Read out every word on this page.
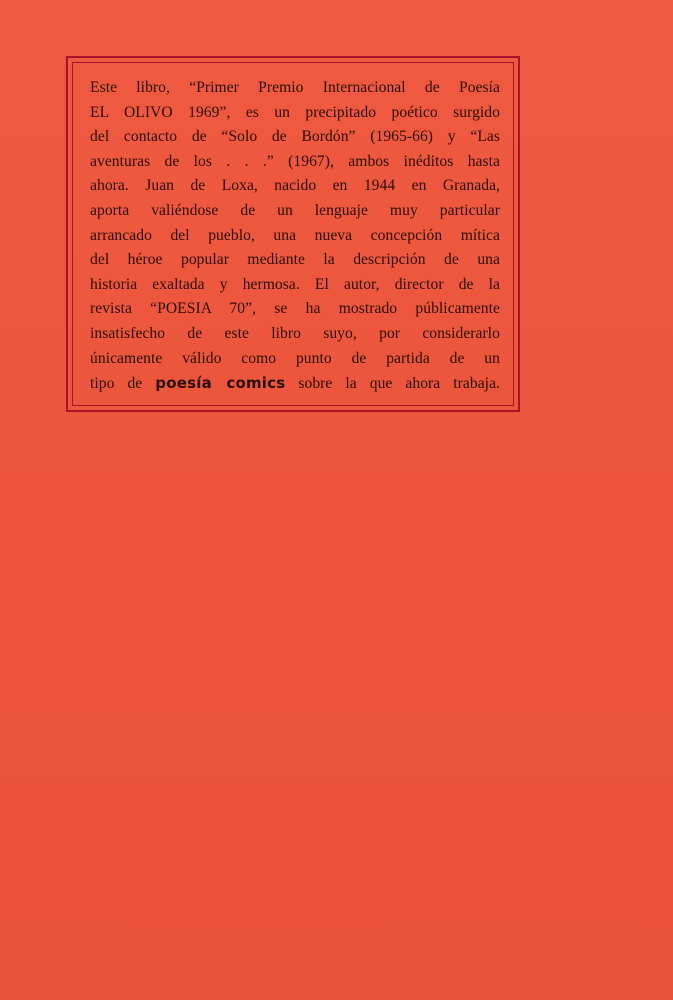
Este libro, “Primer Premio Internacional de Poesía
EL OLIVO 1969”, es un precipitado poético surgido
del contacto de “Solo de Bordón” (1965-66) y “Las
aventuras de los . . .” (1967), ambos inéditos hasta
ahora. Juan de Loxa, nacido en 1944 en Granada,
aporta valiéndose de un lenguaje muy particular
arrancado del pueblo, una nueva concepción mítica
del héroe popular mediante la descripción de una
historia exaltada y hermosa. El autor, director de la
revista “POESIA 70”, se ha mostrado públicamente
insatisfecho de este libro suyo, por considerarlo
únicamente válido como punto de partida de un
tipo de poesía comics sobre la que ahora trabaja.
